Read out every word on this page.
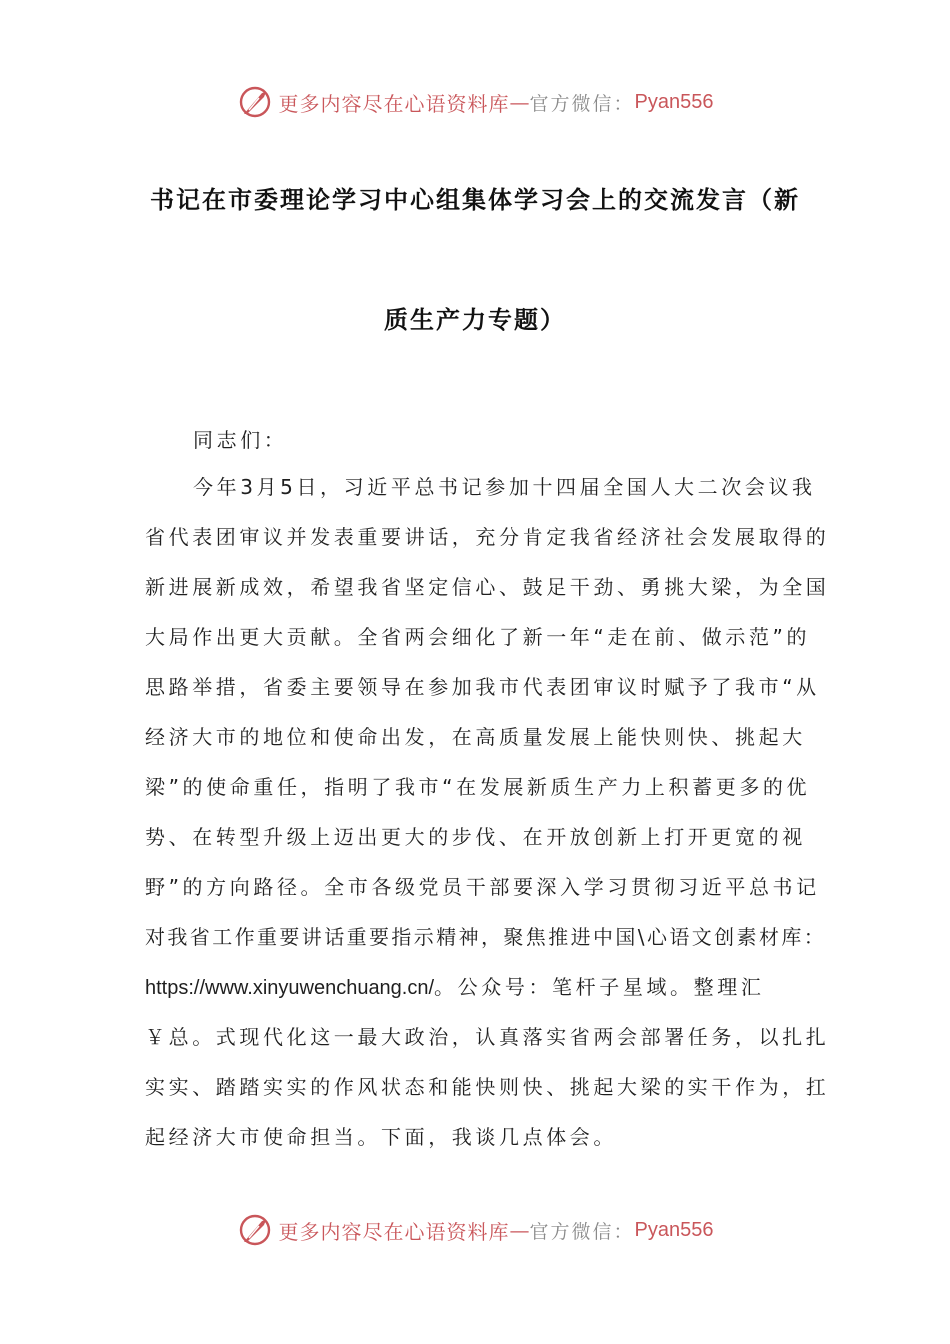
更多内容尽在心语资料库 — 官方微信： Pyan556
书记在市委理论学习中心组集体学习会上的交流发言（新
质生产力专题）
同志们：
今年3月5日，习近平总书记参加十四届全国人大二次会议我
省代表团审议并发表重要讲话，充分肯定我省经济社会发展取得的
新进展新成效，希望我省坚定信心、鼓足干劲、勇挑大梁，为全国
大局作出更大贡献。全省两会细化了新一年“走在前、做示范”的
思路举措，省委主要领导在参加我市代表团审议时赋予了我市“从
经济大市的地位和使命出发，在高质量发展上能快则快、挑起大
梁”的使命重任，指明了我市“在发展新质生产力上积蓄更多的优
势、在转型升级上迈出更大的步伐、在开放创新上打开更宽的视
野”的方向路径。全市各级党员干部要深入学习贯彻习近平总书记
对我省工作重要讲话重要指示精神，聚焦推进中国\心语文创素材库：
https://www.xinyuwenchuang.cn/。公众号：笔杆子星域。整理汇
￥总。式现代化这一最大政治，认真落实省两会部署任务，以扎扎
实实、踏踏实实的作风状态和能快则快、挑起大梁的实干作为，扛
起经济大市使命担当。下面，我谈几点体会。
更多内容尽在心语资料库 — 官方微信： Pyan556
